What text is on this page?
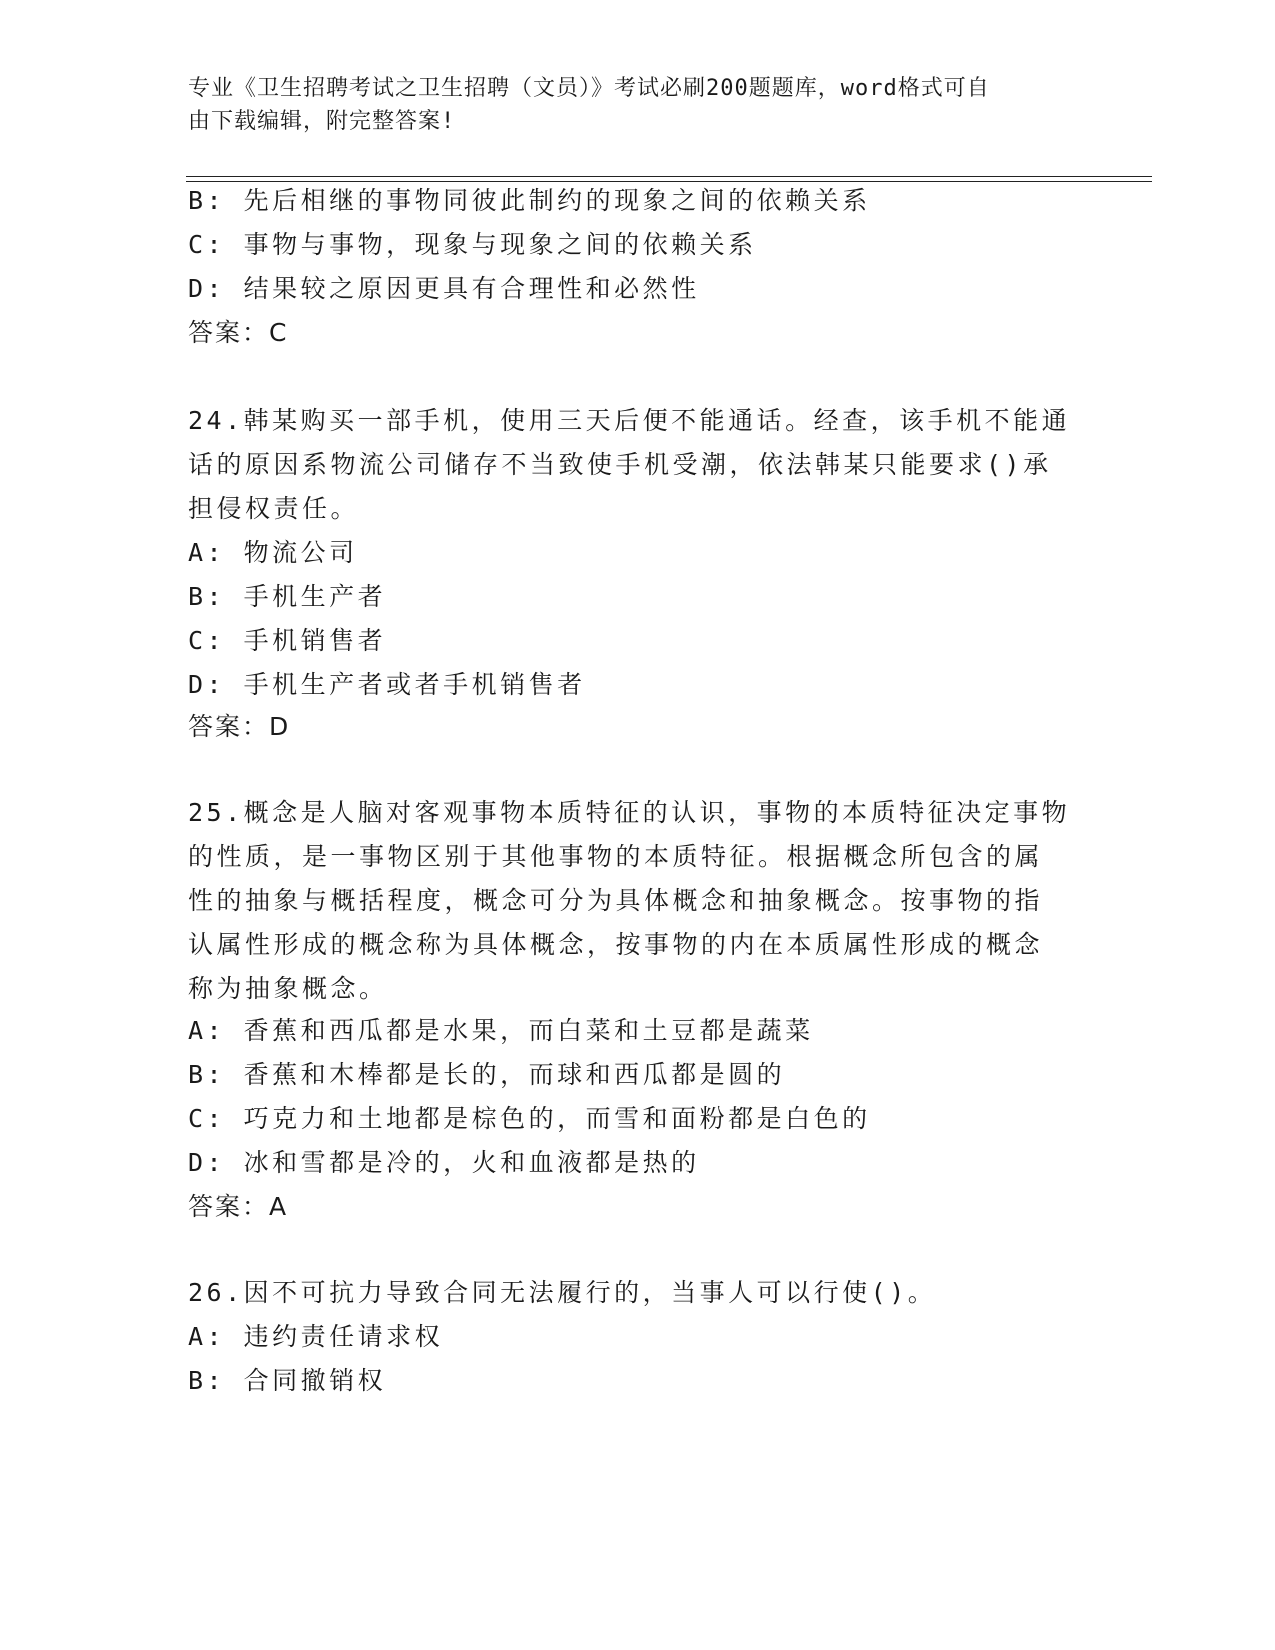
专业《卫生招聘考试之卫生招聘（文员）》考试必刷200题题库，word格式可自
由下载编辑，附完整答案!
B: 先后相继的事物同彼此制约的现象之间的依赖关系
C: 事物与事物，现象与现象之间的依赖关系
D: 结果较之原因更具有合理性和必然性
答案：C
24.韩某购买一部手机，使用三天后便不能通话。经查，该手机不能通
话的原因系物流公司储存不当致使手机受潮，依法韩某只能要求()承
担侵权责任。
A: 物流公司
B: 手机生产者
C: 手机销售者
D: 手机生产者或者手机销售者
答案：D
25.概念是人脑对客观事物本质特征的认识，事物的本质特征决定事物
的性质，是一事物区别于其他事物的本质特征。根据概念所包含的属
性的抽象与概括程度，概念可分为具体概念和抽象概念。按事物的指
认属性形成的概念称为具体概念，按事物的内在本质属性形成的概念
称为抽象概念。
A: 香蕉和西瓜都是水果，而白菜和土豆都是蔬菜
B: 香蕉和木棒都是长的，而球和西瓜都是圆的
C: 巧克力和土地都是棕色的，而雪和面粉都是白色的
D: 冰和雪都是冷的，火和血液都是热的
答案：A
26.因不可抗力导致合同无法履行的，当事人可以行使()。
A: 违约责任请求权
B: 合同撤销权
